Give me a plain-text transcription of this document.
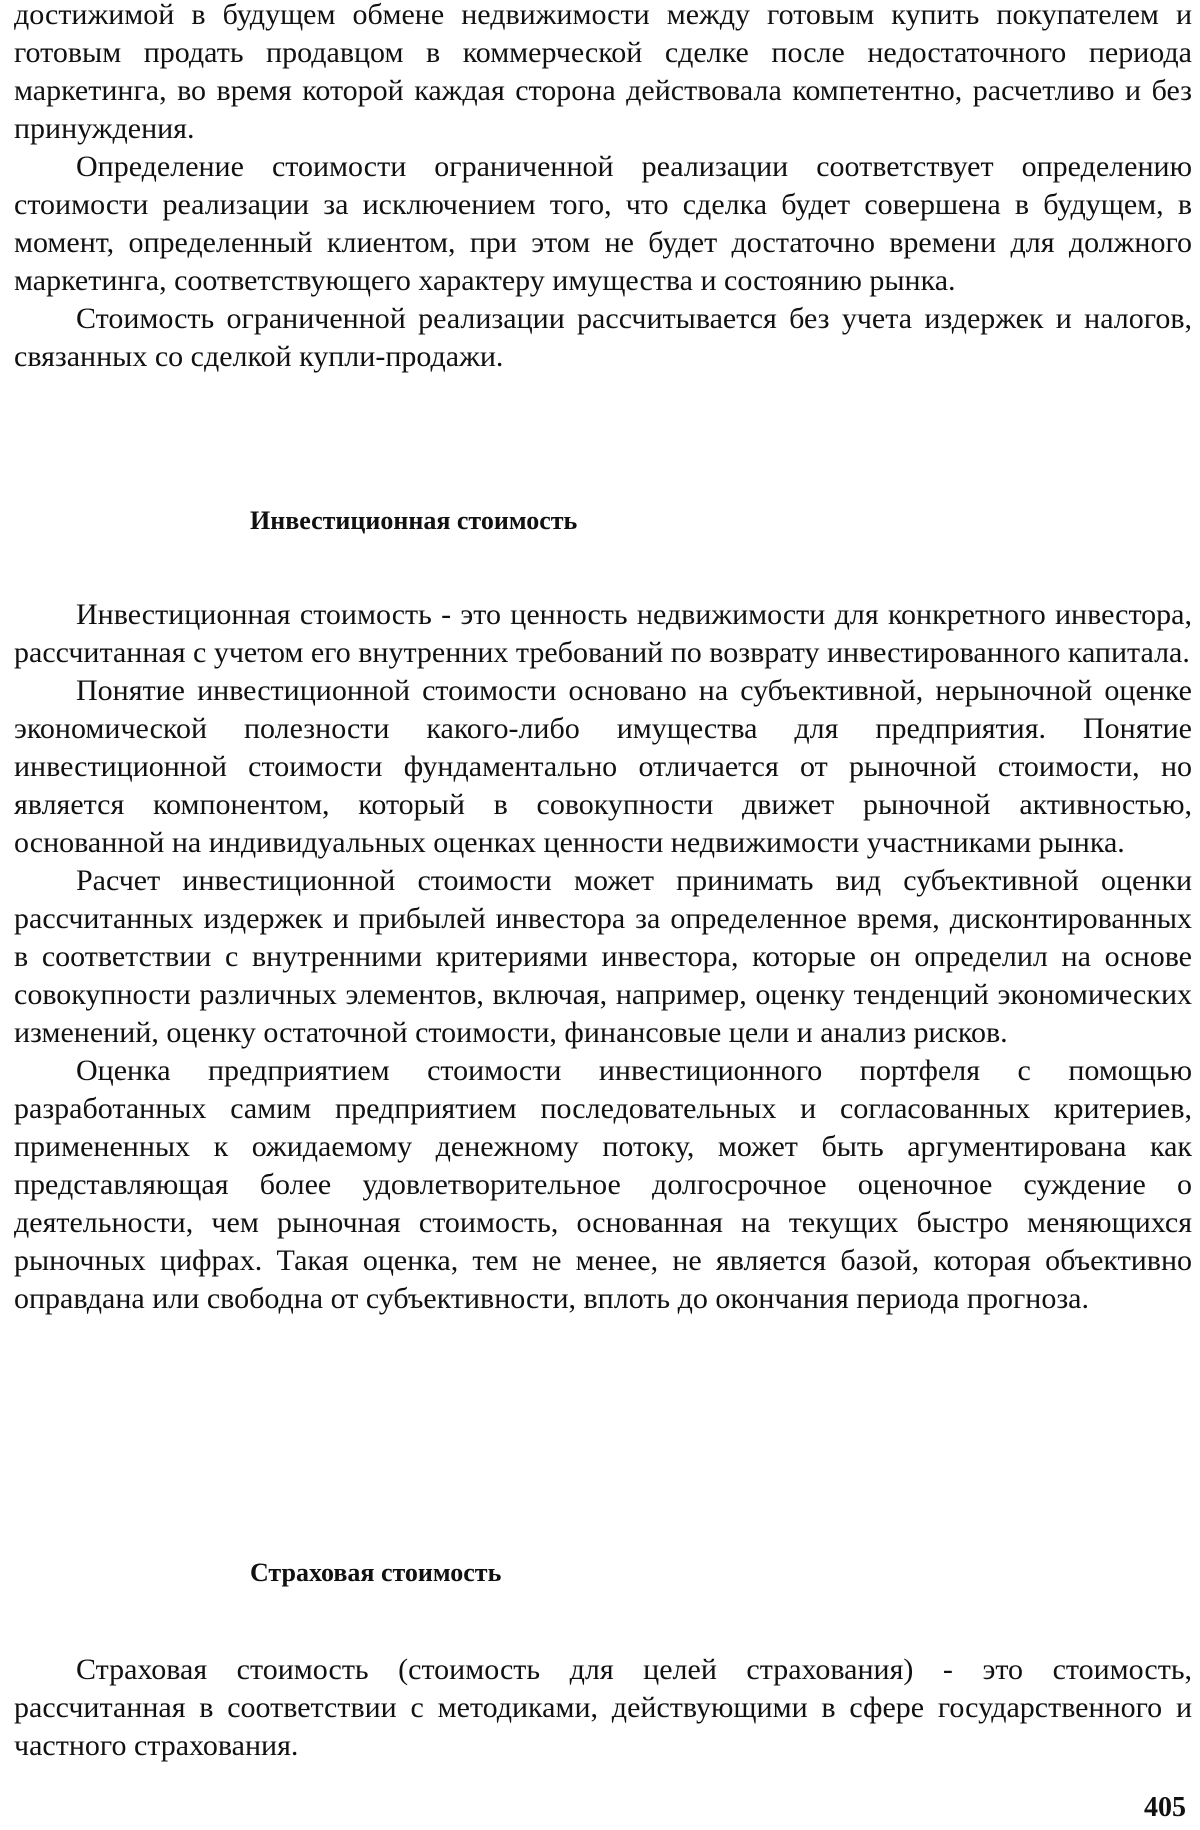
достижимой в будущем обмене недвижимости между готовым купить покупателем и готовым продать продавцом в коммерческой сделке после недостаточного периода маркетинга, во время которой каждая сторона действовала компетентно, расчетливо и без принуждения.

Определение стоимости ограниченной реализации соответствует определению стоимости реализации за исключением того, что сделка будет совершена в будущем, в момент, определенный клиентом, при этом не будет достаточно времени для должного маркетинга, соответствующего характеру имущества и состоянию рынка.

Стоимость ограниченной реализации рассчитывается без учета издержек и налогов, связанных со сделкой купли-продажи.

Инвестиционная стоимость

Инвестиционная стоимость - это ценность недвижимости для конкретного инвестора, рассчитанная с учетом его внутренних требований по возврату инвестированного капитала.

Понятие инвестиционной стоимости основано на субъективной, нерыночной оценке экономической полезности какого-либо имущества для предприятия. Понятие инвестиционной стоимости фундаментально отличается от рыночной стоимости, но является компонентом, который в совокупности движет рыночной активностью, основанной на индивидуальных оценках ценности недвижимости участниками рынка.

Расчет инвестиционной стоимости может принимать вид субъективной оценки рассчитанных издержек и прибылей инвестора за определенное время, дисконтированных в соответствии с внутренними критериями инвестора, которые он определил на основе совокупности различных элементов, включая, например, оценку тенденций экономических изменений, оценку остаточной стоимости, финансовые цели и анализ рисков.

Оценка предприятием стоимости инвестиционного портфеля с помощью разработанных самим предприятием последовательных и согласованных критериев, примененных к ожидаемому денежному потоку, может быть аргументирована как представляющая более удовлетворительное долгосрочное оценочное суждение о деятельности, чем рыночная стоимость, основанная на текущих быстро меняющихся рыночных цифрах. Такая оценка, тем не менее, не является базой, которая объективно оправдана или свободна от субъективности, вплоть до окончания периода прогноза.

Страховая стоимость

Страховая стоимость (стоимость для целей страхования) - это стоимость, рассчитанная в соответствии с методиками, действующими в сфере государственного и частного страхования.

405
